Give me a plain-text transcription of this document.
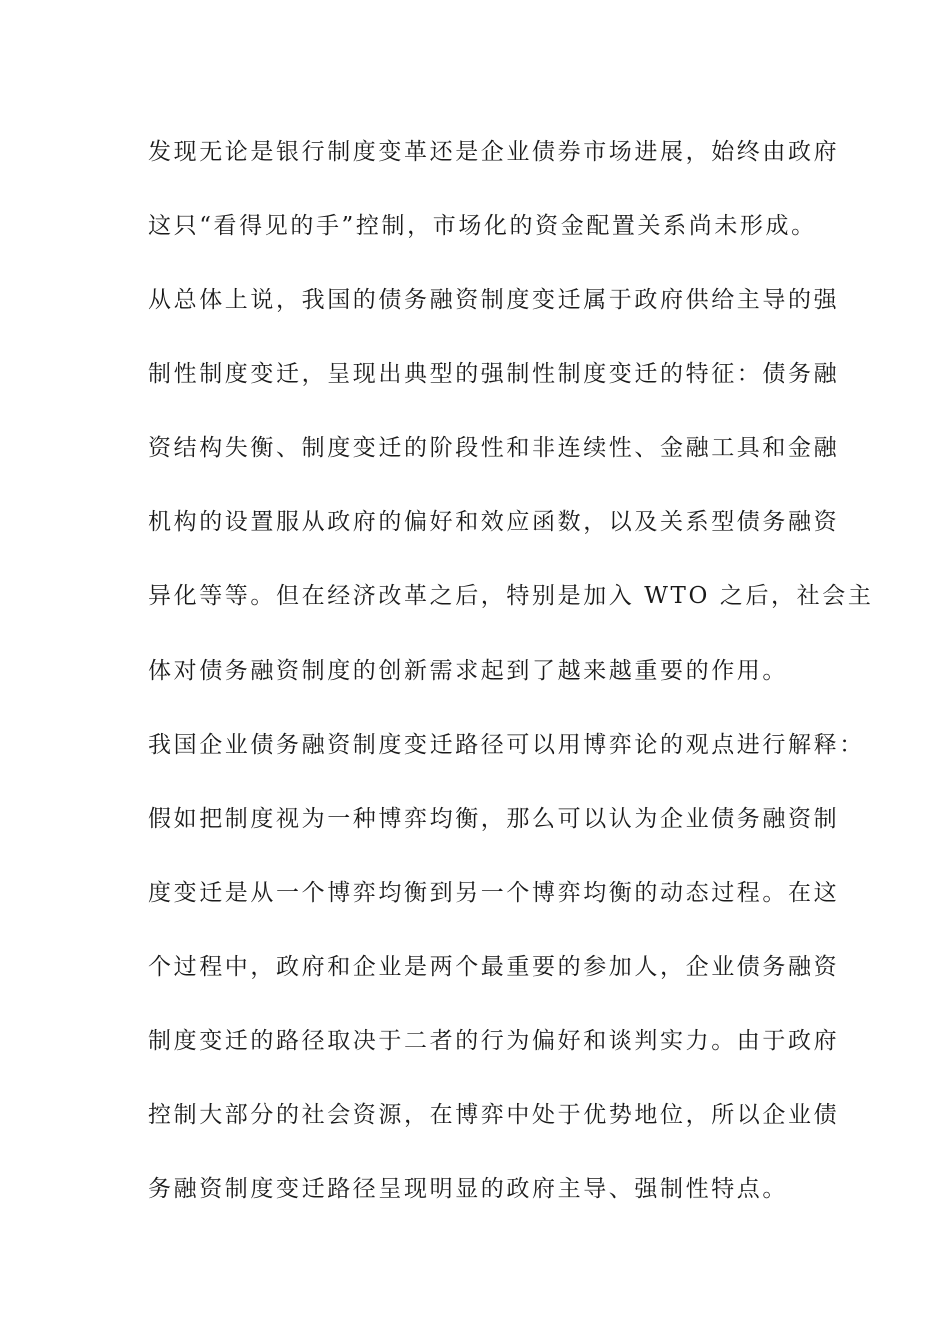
发现无论是银行制度变革还是企业债券市场进展，始终由政府
这只“看得见的手”控制，市场化的资金配置关系尚未形成。
从总体上说，我国的债务融资制度变迁属于政府供给主导的强
制性制度变迁，呈现出典型的强制性制度变迁的特征：债务融
资结构失衡、制度变迁的阶段性和非连续性、金融工具和金融
机构的设置服从政府的偏好和效应函数，以及关系型债务融资
异化等等。但在经济改革之后，特别是加入 WTO 之后，社会主
体对债务融资制度的创新需求起到了越来越重要的作用。
我国企业债务融资制度变迁路径可以用博弈论的观点进行解释：
假如把制度视为一种博弈均衡，那么可以认为企业债务融资制
度变迁是从一个博弈均衡到另一个博弈均衡的动态过程。在这
个过程中，政府和企业是两个最重要的参加人，企业债务融资
制度变迁的路径取决于二者的行为偏好和谈判实力。由于政府
控制大部分的社会资源，在博弈中处于优势地位，所以企业债
务融资制度变迁路径呈现明显的政府主导、强制性特点。
